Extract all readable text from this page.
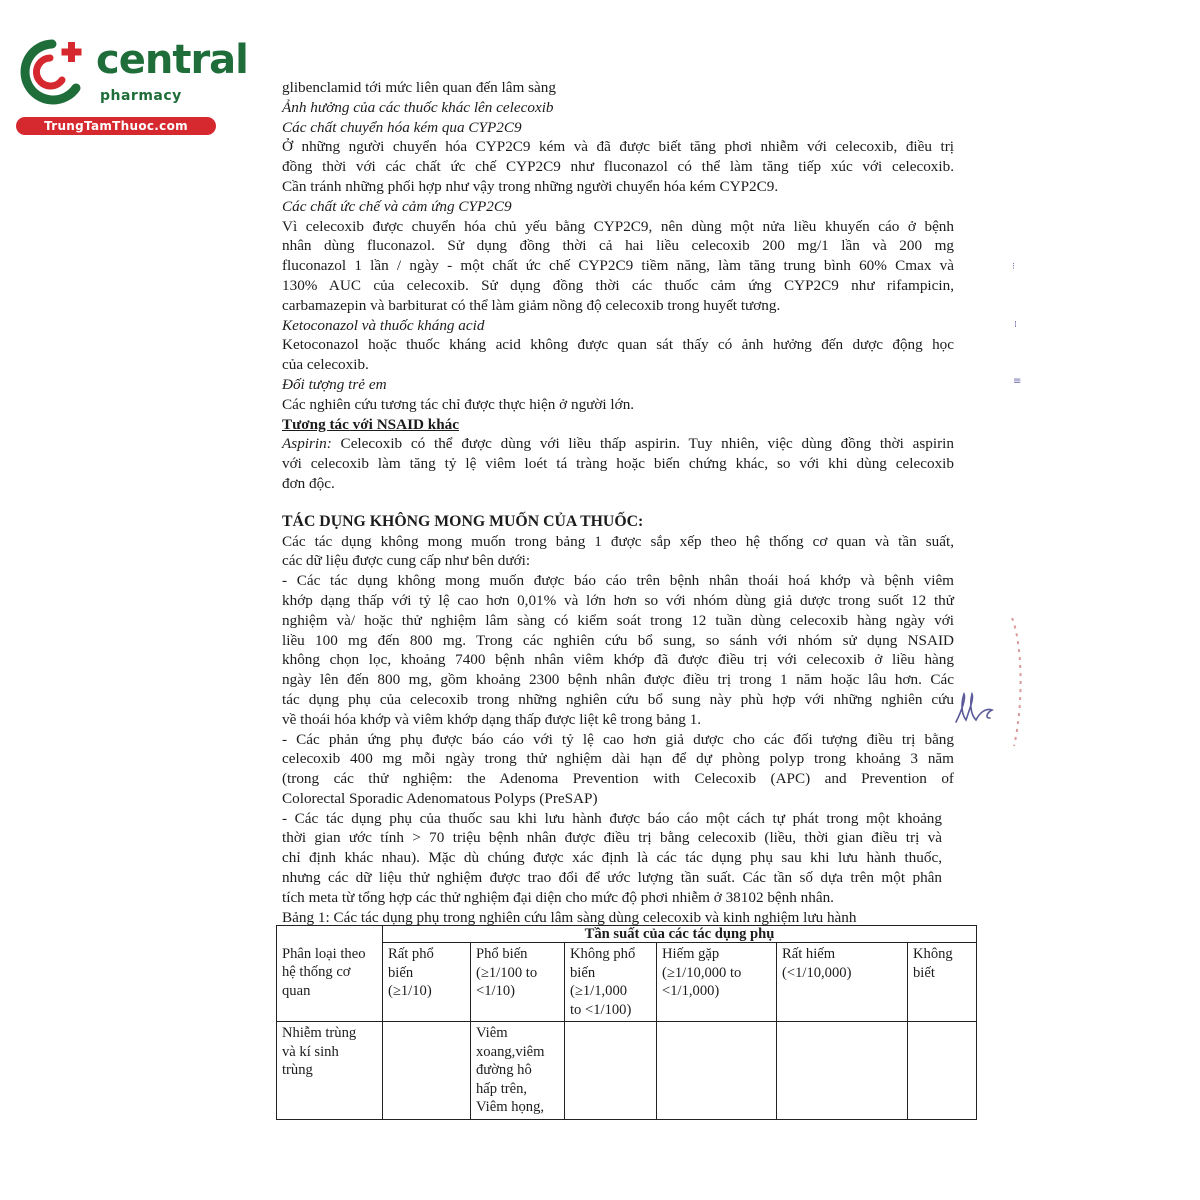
central
pharmacy
TrungTamThuoc.com

glibenclamid tới mức liên quan đến lâm sàng

Ảnh hưởng của các thuốc khác lên celecoxib

Các chất chuyển hóa kém qua CYP2C9

Ở những người chuyển hóa CYP2C9 kém và đã được biết tăng phơi nhiễm với celecoxib, điều trị

đồng thời với các chất ức chế CYP2C9 như fluconazol có thể làm tăng tiếp xúc với celecoxib.

Cần tránh những phối hợp như vậy trong những người chuyển hóa kém CYP2C9.

Các chất ức chế và cảm ứng CYP2C9

Vì celecoxib được chuyển hóa chủ yếu bằng CYP2C9, nên dùng một nửa liều khuyến cáo ở bệnh

nhân dùng fluconazol. Sử dụng đồng thời cả hai liều celecoxib 200 mg/1 lần và 200 mg

fluconazol 1 lần / ngày - một chất ức chế CYP2C9 tiềm năng, làm tăng trung bình 60% Cmax và

130% AUC của celecoxib. Sử dụng đồng thời các thuốc cảm ứng CYP2C9 như rifampicin,

carbamazepin và barbiturat có thể làm giảm nồng độ celecoxib trong huyết tương.

Ketoconazol và thuốc kháng acid

Ketoconazol hoặc thuốc kháng acid không được quan sát thấy có ảnh hưởng đến dược động học

của celecoxib.

Đối tượng trẻ em

Các nghiên cứu tương tác chỉ được thực hiện ở người lớn.

Tương tác với NSAID khác

Aspirin: Celecoxib có thể được dùng với liều thấp aspirin. Tuy nhiên, việc dùng đồng thời aspirin

với celecoxib làm tăng tỷ lệ viêm loét tá tràng hoặc biến chứng khác, so với khi dùng celecoxib

đơn độc.

TÁC DỤNG KHÔNG MONG MUỐN CỦA THUỐC:

Các tác dụng không mong muốn trong bảng 1 được sắp xếp theo hệ thống cơ quan và tần suất,

các dữ liệu được cung cấp như bên dưới:

- Các tác dụng không mong muốn được báo cáo trên bệnh nhân thoái hoá khớp và bệnh viêm

khớp dạng thấp với tỷ lệ cao hơn 0,01% và lớn hơn so với nhóm dùng giả dược trong suốt 12 thử

nghiệm và/ hoặc thử nghiệm lâm sàng có kiểm soát trong 12 tuần dùng celecoxib hàng ngày với

liều 100 mg đến 800 mg. Trong các nghiên cứu bổ sung, so sánh với nhóm sử dụng NSAID

không chọn lọc, khoảng 7400 bệnh nhân viêm khớp đã được điều trị với celecoxib ở liều hàng

ngày lên đến 800 mg, gồm khoảng 2300 bệnh nhân được điều trị trong 1 năm hoặc lâu hơn. Các

tác dụng phụ của celecoxib trong những nghiên cứu bổ sung này phù hợp với những nghiên cứu

về thoái hóa khớp và viêm khớp dạng thấp được liệt kê trong bảng 1.

- Các phản ứng phụ được báo cáo với tỷ lệ cao hơn giả dược cho các đối tượng điều trị bằng

celecoxib 400 mg mỗi ngày trong thử nghiệm dài hạn để dự phòng polyp trong khoảng 3 năm

(trong các thử nghiệm: the Adenoma Prevention with Celecoxib (APC) and Prevention of

Colorectal Sporadic Adenomatous Polyps (PreSAP)

- Các tác dụng phụ của thuốc sau khi lưu hành được báo cáo một cách tự phát trong một khoảng

thời gian ước tính > 70 triệu bệnh nhân được điều trị bằng celecoxib (liều, thời gian điều trị và

chỉ định khác nhau). Mặc dù chúng được xác định là các tác dụng phụ sau khi lưu hành thuốc,

nhưng các dữ liệu thử nghiệm được trao đổi để ước lượng tần suất. Các tần số dựa trên một phân

tích meta từ tổng hợp các thử nghiệm đại diện cho mức độ phơi nhiễm ở 38102 bệnh nhân.

Bảng 1: Các tác dụng phụ trong nghiên cứu lâm sàng dùng celecoxib và kinh nghiệm lưu hành

	Tần suất của các tác dụng phụ					
Phân loại theo
hệ thống cơ
quan	Rất phổ
biến
(≥1/10)	Phổ biến
(≥1/100 to
<1/10)	Không phổ
biến
(≥1/1,000
to <1/100)	Hiếm gặp
(≥1/10,000 to
<1/1,000)	Rất hiếm
(<1/10,000)	Không
biết
Nhiễm trùng
và kí sinh
trùng		Viêm
xoang,viêm
đường hô
hấp trên,
Viêm họng,				
⁝
⁞
≡
